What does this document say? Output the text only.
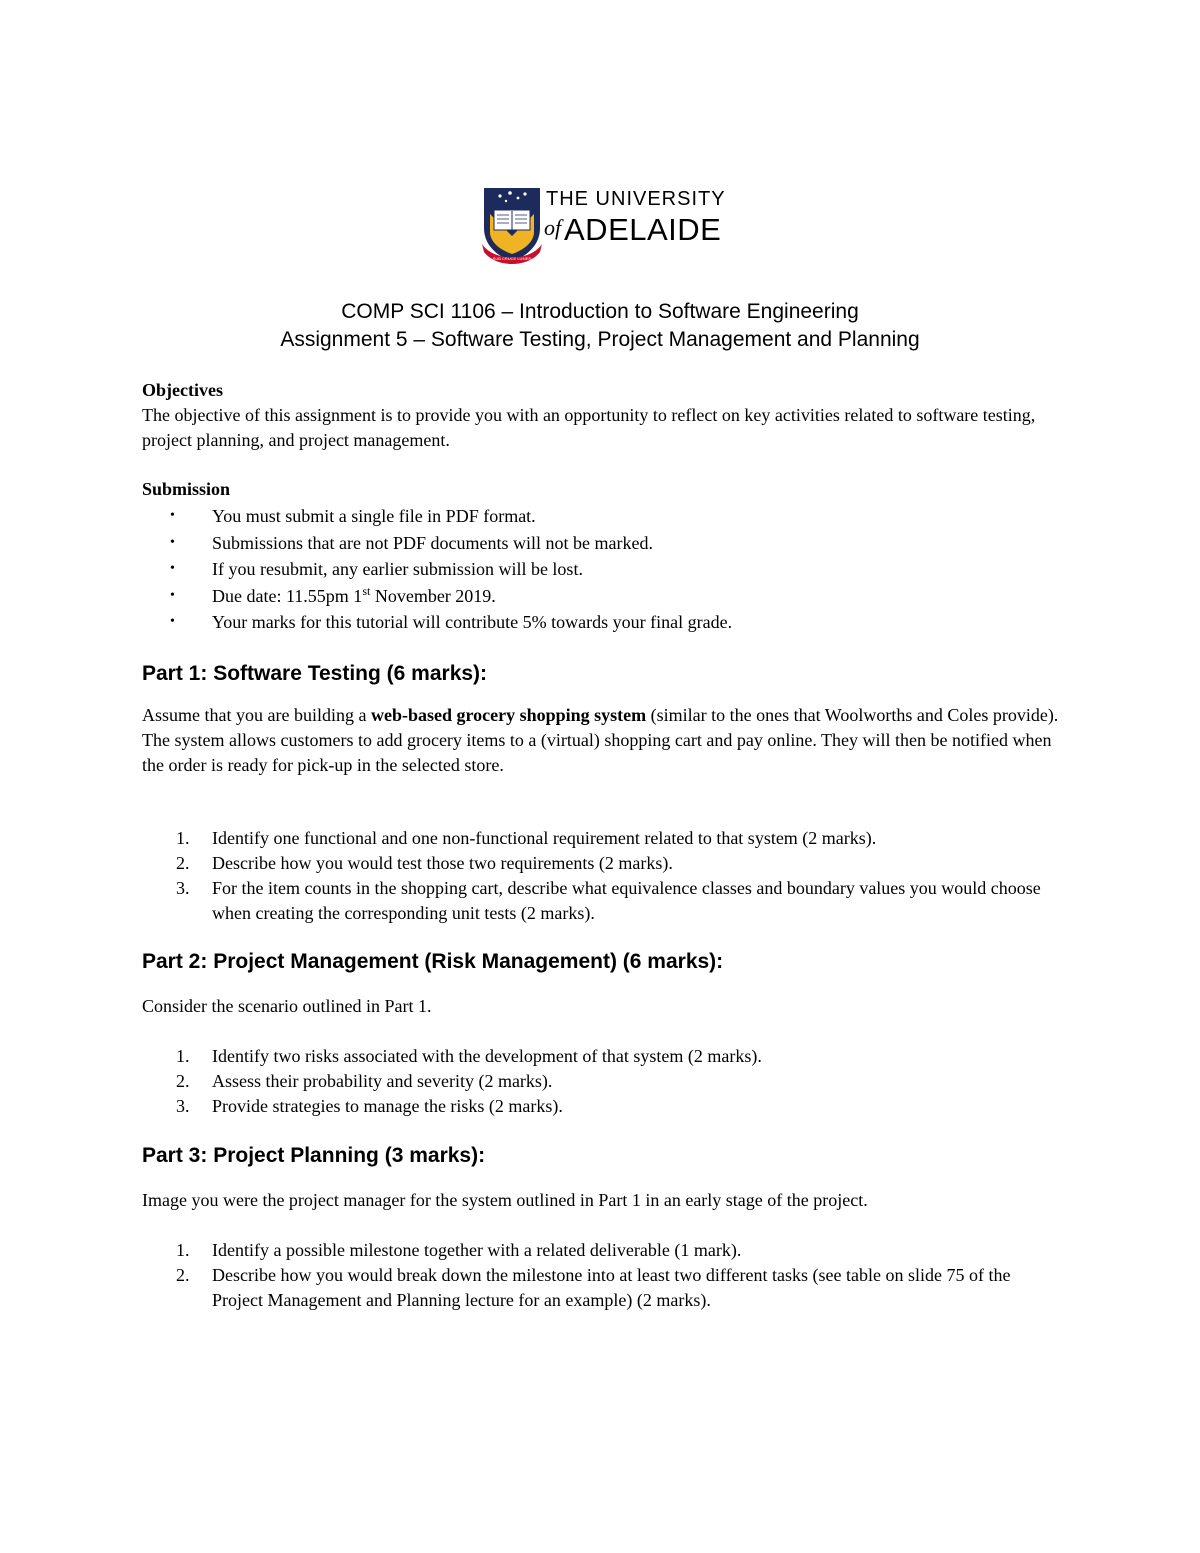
SUB CRUCE LUMEN
THE UNIVERSITY
of ADELAIDE
COMP SCI 1106 – Introduction to Software Engineering
Assignment 5 – Software Testing, Project Management and Planning
Objectives
The objective of this assignment is to provide you with an opportunity to reflect on key activities related to software testing, project planning, and project management.
Submission
• You must submit a single file in PDF format.
• Submissions that are not PDF documents will not be marked.
• If you resubmit, any earlier submission will be lost.
• Due date: 11.55pm 1st November 2019.
• Your marks for this tutorial will contribute 5% towards your final grade.
Part 1: Software Testing (6 marks):
Assume that you are building a web-based grocery shopping system (similar to the ones that Woolworths and Coles provide). The system allows customers to add grocery items to a (virtual) shopping cart and pay online. They will then be notified when the order is ready for pick-up in the selected store.
1. Identify one functional and one non-functional requirement related to that system (2 marks).
2. Describe how you would test those two requirements (2 marks).
3. For the item counts in the shopping cart, describe what equivalence classes and boundary values you would choose when creating the corresponding unit tests (2 marks).
Part 2: Project Management (Risk Management) (6 marks):
Consider the scenario outlined in Part 1.
1. Identify two risks associated with the development of that system (2 marks).
2. Assess their probability and severity (2 marks).
3. Provide strategies to manage the risks (2 marks).
Part 3: Project Planning (3 marks):
Image you were the project manager for the system outlined in Part 1 in an early stage of the project.
1. Identify a possible milestone together with a related deliverable (1 mark).
2. Describe how you would break down the milestone into at least two different tasks (see table on slide 75 of the Project Management and Planning lecture for an example) (2 marks).
